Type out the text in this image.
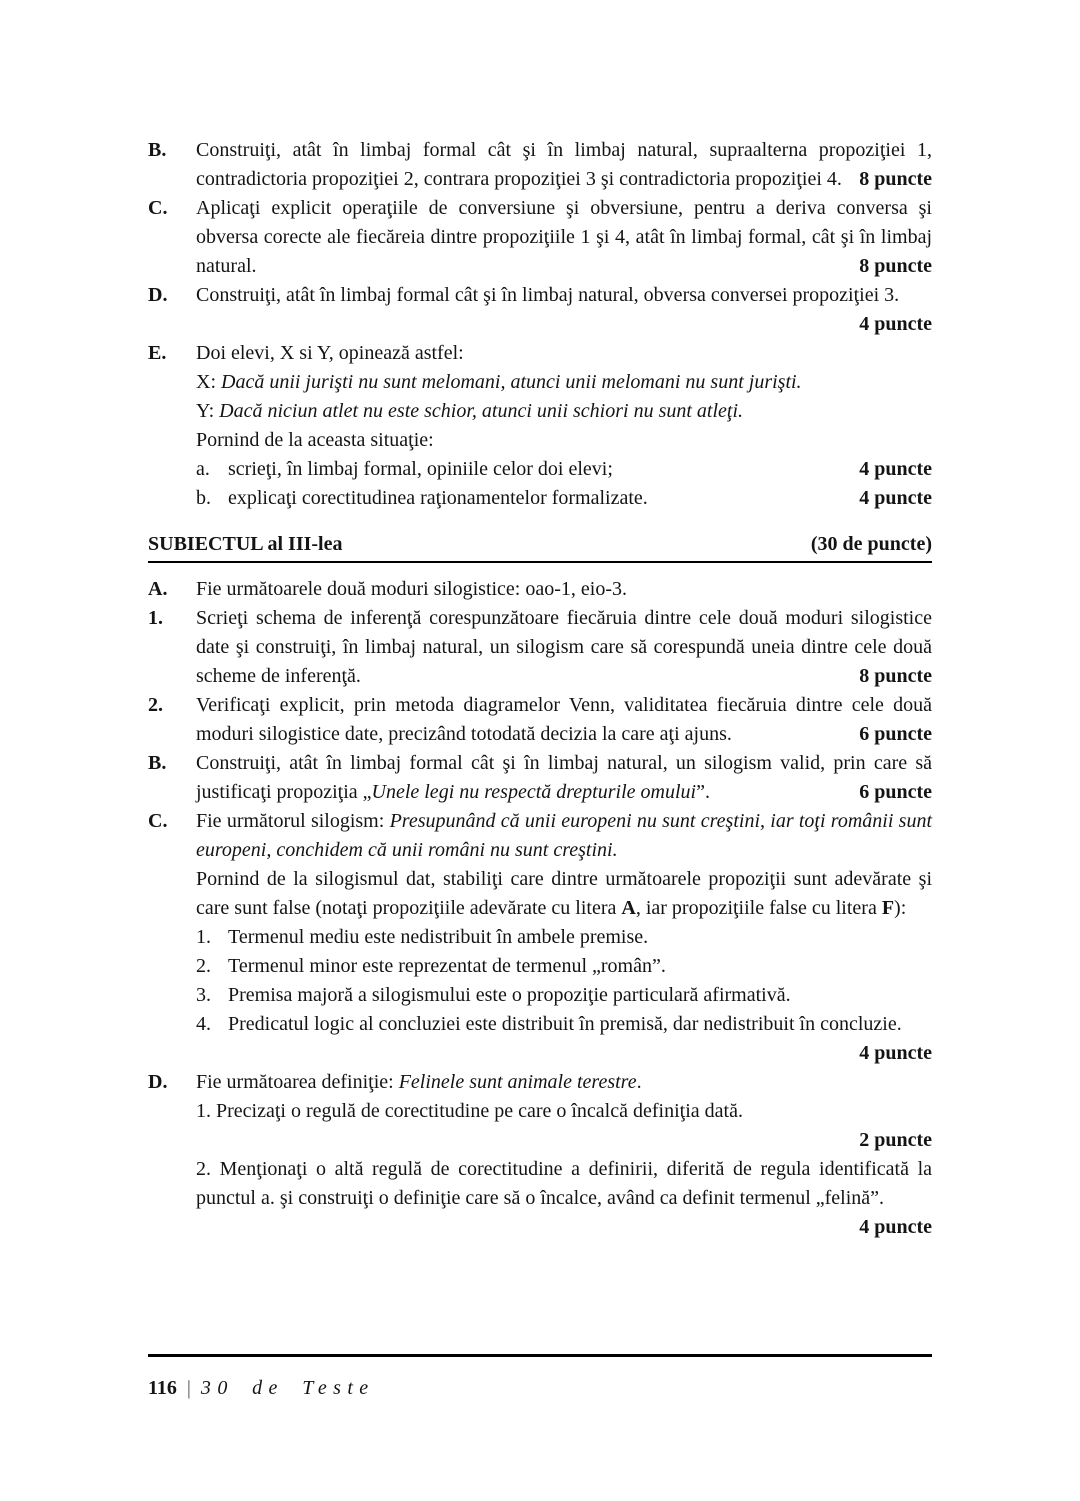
B.	Construiţi, atât în limbaj formal cât şi în limbaj natural, supraalterna propoziţiei 1, contradictoria propoziţiei 2, contrara propoziţiei 3 şi contradictoria propoziţiei 4. 8 puncte
C.	Aplicaţi explicit operaţiile de conversiune şi obversiune, pentru a deriva conversa şi obversa corecte ale fiecăreia dintre propoziţiile 1 şi 4, atât în limbaj formal, cât şi în limbaj natural.	8 puncte
D.	Construiţi, atât în limbaj formal cât şi în limbaj natural, obversa conversei propoziţiei 3.
4 puncte
E.	Doi elevi, X si Y, opinează astfel:
X: Dacă unii jurişti nu sunt melomani, atunci unii melomani nu sunt jurişti.
Y: Dacă niciun atlet nu este schior, atunci unii schiori nu sunt atleţi.
Pornind de la aceasta situaţie:
a. scrieţi, în limbaj formal, opiniile celor doi elevi;	4 puncte
b. explicaţi corectitudinea raţionamentelor formalizate.	4 puncte
SUBIECTUL al III-lea	(30 de puncte)
A.	Fie următoarele două moduri silogistice: oao-1, eio-3.
1.	Scrieţi schema de inferenţă corespunzătoare fiecăruia dintre cele două moduri silogistice date şi construiţi, în limbaj natural, un silogism care să corespundă uneia dintre cele două scheme de inferenţă.	8 puncte
2.	Verificaţi explicit, prin metoda diagramelor Venn, validitatea fiecăruia dintre cele două moduri silogistice date, precizând totodată decizia la care aţi ajuns.	6 puncte
B.	Construiţi, atât în limbaj formal cât şi în limbaj natural, un silogism valid, prin care să justificaţi propoziţia „Unele legi nu respectă drepturile omului”.	6 puncte
C.	Fie următorul silogism: Presupunând că unii europeni nu sunt creştini, iar toţi românii sunt europeni, conchidem că unii români nu sunt creştini.
Pornind de la silogismul dat, stabiliţi care dintre următoarele propoziţii sunt adevărate şi care sunt false (notaţi propoziţiile adevărate cu litera A, iar propoziţiile false cu litera F):
1. Termenul mediu este nedistribuit în ambele premise.
2. Termenul minor este reprezentat de termenul „român”.
3. Premisa majoră a silogismului este o propoziţie particulară afirmativă.
4. Predicatul logic al concluziei este distribuit în premisă, dar nedistribuit în concluzie.
4 puncte
D.	Fie următoarea definiţie: Felinele sunt animale terestre.
1. Precizaţi o regulă de corectitudine pe care o încalcă definiţia dată.
2 puncte
2. Menţionaţi o altă regulă de corectitudine a definirii, diferită de regula identificată la punctul a. şi construiţi o definiţie care să o încalce, având ca definit termenul „felină”.
4 puncte
116 | 30 de Teste
